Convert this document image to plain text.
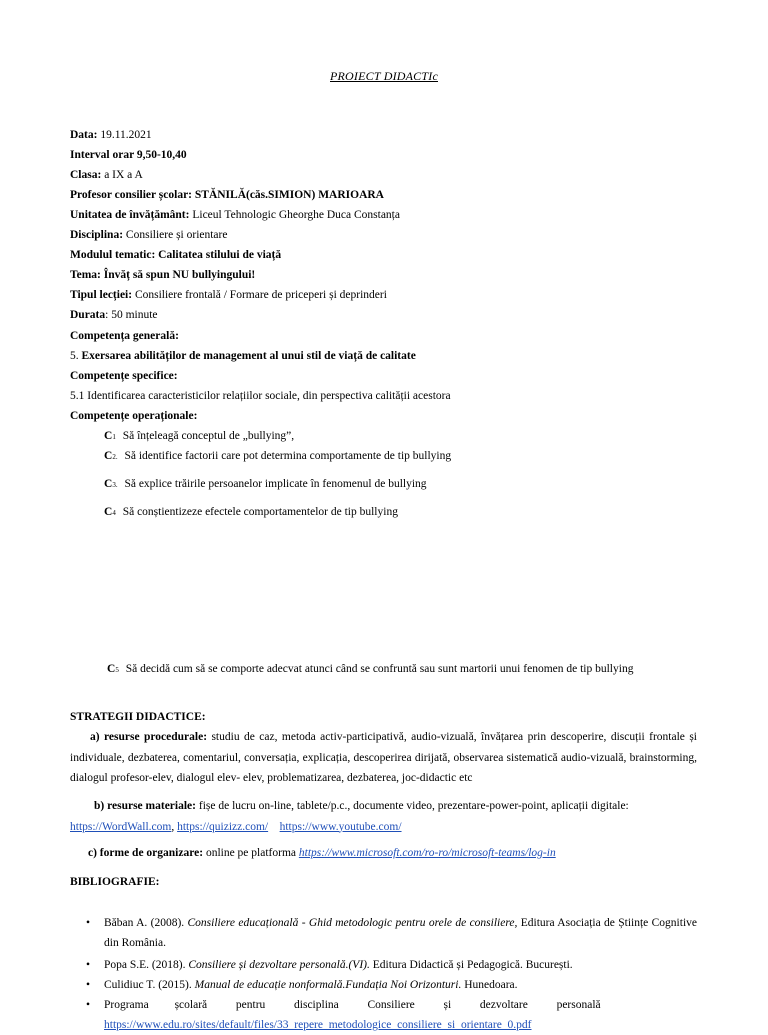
PROIECT DIDACTIc
Data: 19.11.2021
Interval orar 9,50-10,40
Clasa: a IX a A
Profesor consilier școlar: STĂNILĂ(căs.SIMION) MARIOARA
Unitatea de învățământ: Liceul Tehnologic Gheorghe Duca Constanța
Disciplina: Consiliere și orientare
Modulul tematic: Calitatea stilului de viață
Tema: Învăț să spun NU bullyingului!
Tipul lecției: Consiliere frontală / Formare de priceperi și deprinderi
Durata: 50 minute
Competența generală:
5. Exersarea abilităților de management al unui stil de viață de calitate
Competențe specifice:
5.1 Identificarea caracteristicilor relațiilor sociale, din perspectiva calității acestora
Competențe operaționale:
C1 Să înțeleagă conceptul de „bullying”,
C2. Să identifice factorii care pot determina comportamente de tip bullying
C3. Să explice trăirile persoanelor implicate în fenomenul de bullying
C4 Să conștientizeze efectele comportamentelor de tip bullying
C5 Să decidă cum să se comporte adecvat atunci când se confruntă sau sunt martorii unui fenomen de tip bullying
STRATEGII DIDACTICE:
a) resurse procedurale: studiu de caz, metoda activ-participativă, audio-vizuală, învățarea prin descoperire, discuții frontale și individuale, dezbaterea, comentariul, conversația, explicația, descoperirea dirijată, observarea sistematică audio-vizuală, brainstorming, dialogul profesor-elev, dialogul elev- elev, problematizarea, dezbaterea, joc-didactic etc
b) resurse materiale: fișe de lucru on-line, tablete/p.c., documente video, prezentare-power-point, aplicații digitale:
https://WordWall.com, https://quizizz.com/ https://www.youtube.com/
c) forme de organizare: online pe platforma https://www.microsoft.com/ro-ro/microsoft-teams/log-in
BIBLIOGRAFIE:
• Băban A. (2008). Consiliere educațională - Ghid metodologic pentru orele de consiliere, Editura Asociația de Științe Cognitive din România.
• Popa S.E. (2018). Consiliere și dezvoltare personală.(VI). Editura Didactică și Pedagogică. București.
• Culidiuc T. (2015). Manual de educație nonformală.Fundația Noi Orizonturi. Hunedoara.
• Programa         școlară          pentru          disciplina          Consiliere          și          dezvoltare          personală
https://www.edu.ro/sites/default/files/33_repere_metodologice_consiliere_si_orientare_0.pdf
